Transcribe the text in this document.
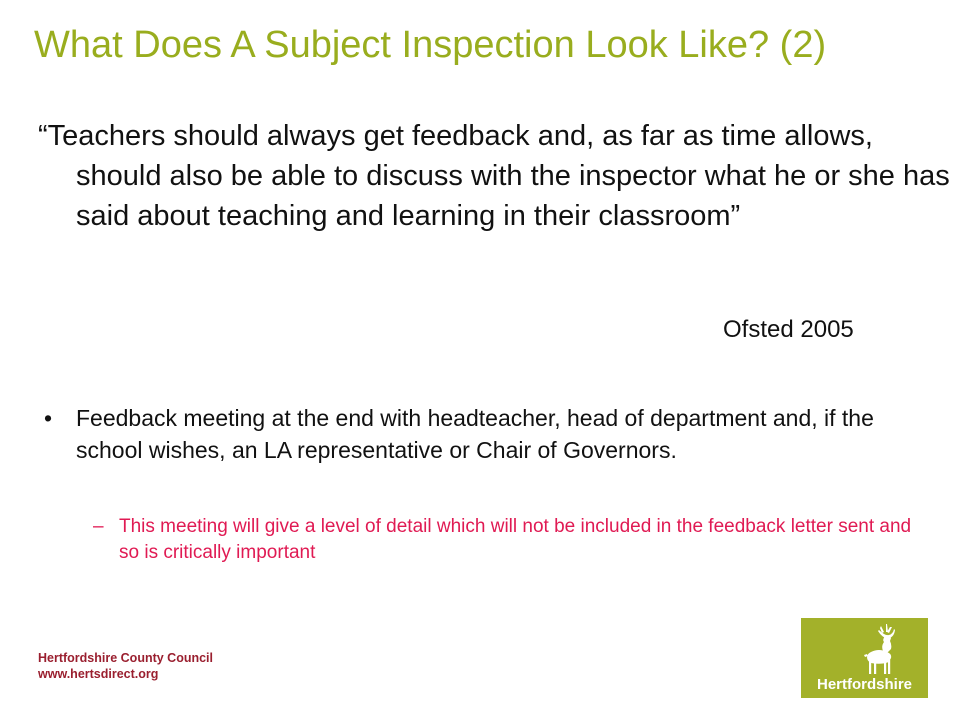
What Does A Subject Inspection Look Like? (2)
“Teachers should always get feedback and, as far as time allows, should also be able to discuss with the inspector what he or she has said about teaching and learning in their classroom”
Ofsted 2005
•	Feedback meeting at the end with headteacher, head of department and, if the school wishes, an LA representative or Chair of Governors.
– This meeting will give a level of detail which will not be included in the feedback letter sent and so is critically important
Hertfordshire County Council
www.hertsdirect.org
Hertfordshire
